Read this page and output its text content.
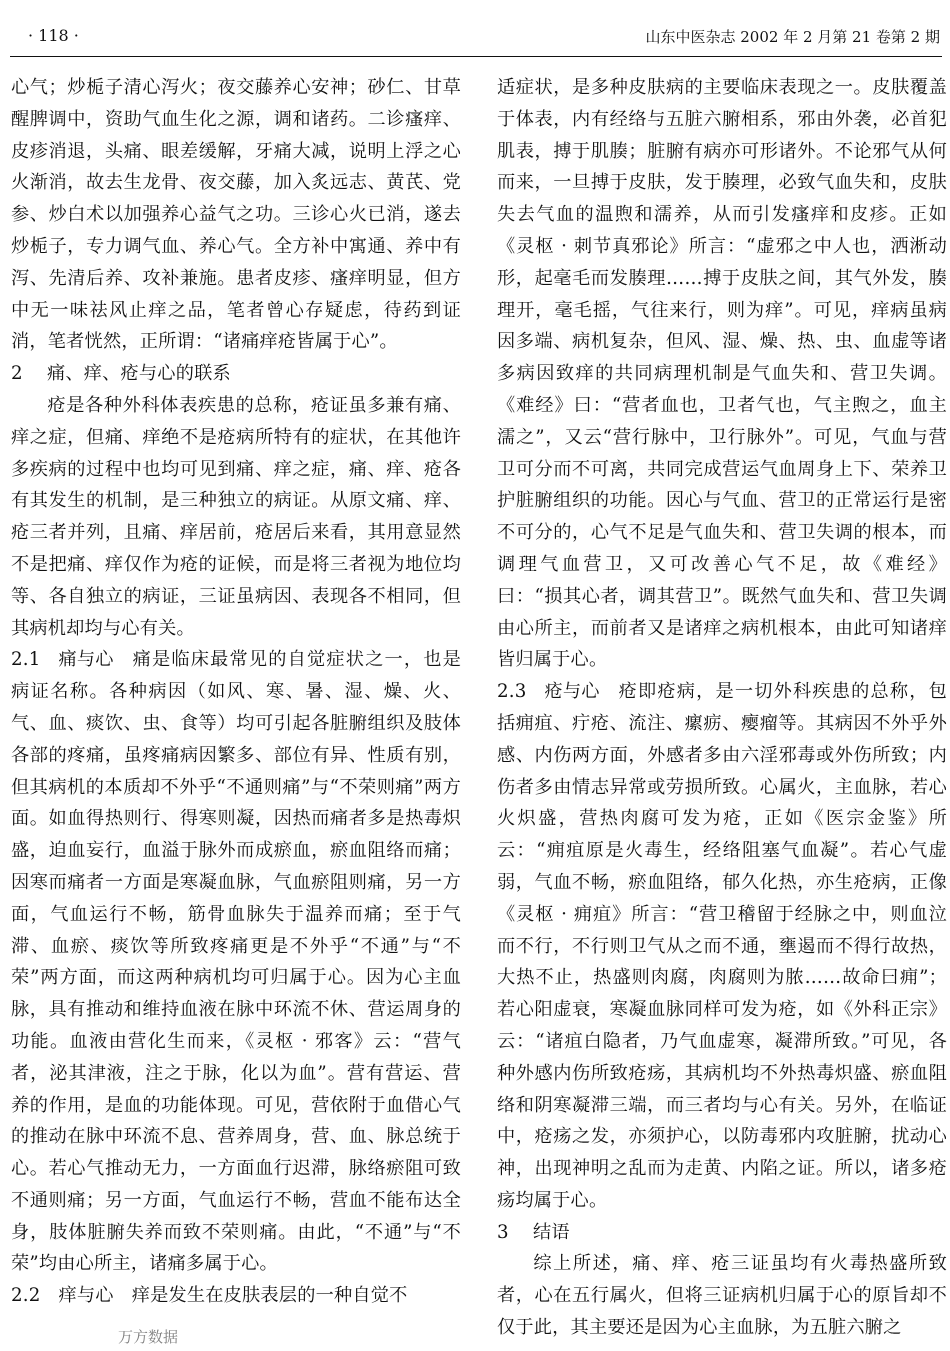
· 118 ·	山东中医杂志 2002 年 2 月第 21 卷第 2 期

心气；炒栀子清心泻火；夜交藤养心安神；砂仁、甘草醒脾调中，资助气血生化之源，调和诸药。二诊瘙痒、皮疹消退，头痛、眼差缓解，牙痛大减，说明上浮之心火渐消，故去生龙骨、夜交藤，加入炙远志、黄芪、党参、炒白术以加强养心益气之功。三诊心火已消，遂去炒栀子，专力调气血、养心气。全方补中寓通、养中有泻、先清后养、攻补兼施。患者皮疹、瘙痒明显，但方中无一味祛风止痒之品，笔者曾心存疑虑，待药到证消，笔者恍然，正所谓：“诸痛痒疮皆属于心”。

2 痛、痒、疮与心的联系

疮是各种外科体表疾患的总称，疮证虽多兼有痛、痒之症，但痛、痒绝不是疮病所特有的症状，在其他许多疾病的过程中也均可见到痛、痒之症，痛、痒、疮各有其发生的机制，是三种独立的病证。从原文痛、痒、疮三者并列，且痛、痒居前，疮居后来看，其用意显然不是把痛、痒仅作为疮的证候，而是将三者视为地位均等、各自独立的病证，三证虽病因、表现各不相同，但其病机却均与心有关。

2.1 痛与心 痛是临床最常见的自觉症状之一，也是病证名称。各种病因（如风、寒、暑、湿、燥、火、气、血、痰饮、虫、食等）均可引起各脏腑组织及肢体各部的疼痛，虽疼痛病因繁多、部位有异、性质有别，但其病机的本质却不外乎“不通则痛”与“不荣则痛”两方面。如血得热则行、得寒则凝，因热而痛者多是热毒炽盛，迫血妄行，血溢于脉外而成瘀血，瘀血阻络而痛；因寒而痛者一方面是寒凝血脉，气血瘀阻则痛，另一方面，气血运行不畅，筋骨血脉失于温养而痛；至于气滞、血瘀、痰饮等所致疼痛更是不外乎“不通”与“不荣”两方面，而这两种病机均可归属于心。因为心主血脉，具有推动和维持血液在脉中环流不休、营运周身的功能。血液由营化生而来，《灵枢 · 邪客》云：“营气者，泌其津液，注之于脉，化以为血”。营有营运、营养的作用，是血的功能体现。可见，营依附于血借心气的推动在脉中环流不息、营养周身，营、血、脉总统于心。若心气推动无力，一方面血行迟滞，脉络瘀阻可致不通则痛；另一方面，气血运行不畅，营血不能布达全身，肢体脏腑失养而致不荣则痛。由此，“不通”与“不荣”均由心所主，诸痛多属于心。

2.2 痒与心 痒是发生在皮肤表层的一种自觉不

适症状，是多种皮肤病的主要临床表现之一。皮肤覆盖于体表，内有经络与五脏六腑相系，邪由外袭，必首犯肌表，搏于肌腠；脏腑有病亦可形诸外。不论邪气从何而来，一旦搏于皮肤，发于腠理，必致气血失和，皮肤失去气血的温煦和濡养，从而引发瘙痒和皮疹。正如《灵枢 · 刺节真邪论》所言：“虚邪之中人也，洒淅动形，起毫毛而发腠理……搏于皮肤之间，其气外发，腠理开，毫毛摇，气往来行，则为痒”。可见，痒病虽病因多端、病机复杂，但风、湿、燥、热、虫、血虚等诸多病因致痒的共同病理机制是气血失和、营卫失调。《难经》曰：“营者血也，卫者气也，气主煦之，血主濡之”，又云“营行脉中，卫行脉外”。可见，气血与营卫可分而不可离，共同完成营运气血周身上下、荣养卫护脏腑组织的功能。因心与气血、营卫的正常运行是密不可分的，心气不足是气血失和、营卫失调的根本，而调理气血营卫，又可改善心气不足，故《难经》曰：“损其心者，调其营卫”。既然气血失和、营卫失调由心所主，而前者又是诸痒之病机根本，由此可知诸痒皆归属于心。

2.3 疮与心 疮即疮病，是一切外科疾患的总称，包括痈疽、疔疮、流注、瘰疬、瘿瘤等。其病因不外乎外感、内伤两方面，外感者多由六淫邪毒或外伤所致；内伤者多由情志异常或劳损所致。心属火，主血脉，若心火炽盛，营热肉腐可发为疮，正如《医宗金鉴》所云：“痈疽原是火毒生，经络阻塞气血凝”。若心气虚弱，气血不畅，瘀血阻络，郁久化热，亦生疮病，正像《灵枢 · 痈疽》所言：“营卫稽留于经脉之中，则血泣而不行，不行则卫气从之而不通，壅遏而不得行故热，大热不止，热盛则肉腐，肉腐则为脓……故命曰痈”；若心阳虚衰，寒凝血脉同样可发为疮，如《外科正宗》云：“诸疽白隐者，乃气血虚寒，凝滞所致。”可见，各种外感内伤所致疮疡，其病机均不外热毒炽盛、瘀血阻络和阴寒凝滞三端，而三者均与心有关。另外，在临证中，疮疡之发，亦须护心，以防毒邪内攻脏腑，扰动心神，出现神明之乱而为走黄、内陷之证。所以，诸多疮疡均属于心。

3 结语

综上所述，痛、痒、疮三证虽均有火毒热盛所致者，心在五行属火，但将三证病机归属于心的原旨却不仅于此，其主要还是因为心主血脉，为五脏六腑之

万方数据
